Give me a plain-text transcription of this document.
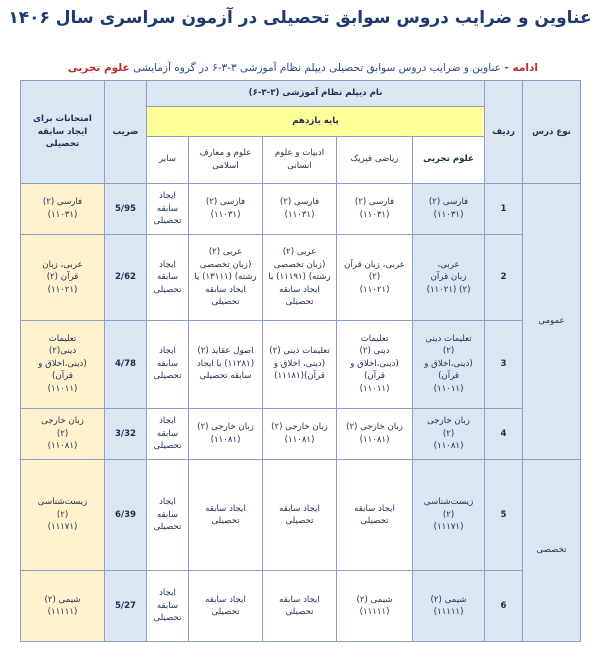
عناوین و ضرایب دروس سوابق تحصیلی در آزمون سراسری سال ۱۴۰۶
ادامه - عناوین و ضرایب دروس سوابق تحصیلی دیپلم نظام آموزشی ۳-۳-۶ در گروه آزمایشی علوم تجربی
نوع درس	ردیف	نام دیپلم نظام آموزشی (۳-۳-۶)					ضریب	امتحانات برای ایجاد سابقه تحصیلی
		پایه یازدهم						
		علوم تجربی	ریاضی فیزیک	ادبیات و علوم انسانی	علوم و معارف اسلامی	سایر		
عمومی	1	فارسی (۲)
(۱۱۰۳۱)	فارسی (۲) (۱۱۰۳۱)	فارسی (۲) (۱۱۰۳۱)	فارسی (۲) (۱۱۰۳۱)	ایجاد
سابقه
تحصیلی	5/95	فارسی (۲)
(۱۱۰۳۱)
	2	عربی،
زبان قرآن
(۲) (۱۱۰۲۱)	عربی، زبان قرآن (۲)
(۱۱۰۲۱)	عربی (۲)
(زبان تخصصی
رشته) (۱۱۱۹۱) یا
ایجاد سابقه
تحصیلی	عربی (۲)
(زبان تخصصی
رشته) (۱۳۱۱۱) یا
ایجاد سابقه
تحصیلی	ایجاد
سابقه
تحصیلی	2/62	عربی، زبان
قرآن (۲)
(۱۱۰۲۱)
	3	تعلیمات دینی
(۲)
(دینی،اخلاق و
قرآن)
(۱۱۰۱۱)	تعلیمات
دینی (۲)
(دینی،اخلاق و قرآن)
(۱۱۰۱۱)	تعلیمات دینی (۲)
(دینی، اخلاق و
قرآن)(۱۱۱۸۱)	اصول عقاید (۲)
(۱۱۲۸۱) یا ایجاد
سابقه تحصیلی	ایجاد
سابقه
تحصیلی	4/78	تعلیمات
دینی(۲)
(دینی،اخلاق و
قرآن)
(۱۱۰۱۱)
	4	زبان خارجی
(۲)
(۱۱۰۸۱)	زبان خارجی (۲)
(۱۱۰۸۱)	زبان خارجی (۲)
(۱۱۰۸۱)	زبان خارجی (۲)
(۱۱۰۸۱)	ایجاد
سابقه
تحصیلی	3/32	زبان خارجی
(۲)
(۱۱۰۸۱)
تخصصی	5	زیست‌شناسی
(۲)
(۱۱۱۷۱)	ایجاد سابقه
تحصیلی	ایجاد سابقه
تحصیلی	ایجاد سابقه
تحصیلی	ایجاد
سابقه
تحصیلی	6/39	زیست‌شناسی
(۲)
(۱۱۱۷۱)
	6	شیمی (۲)
(۱۱۱۱۱)	شیمی (۲)
(۱۱۱۱۱)	ایجاد سابقه
تحصیلی	ایجاد سابقه
تحصیلی	ایجاد
سابقه
تحصیلی	5/27	شیمی (۲)
(۱۱۱۱۱)
